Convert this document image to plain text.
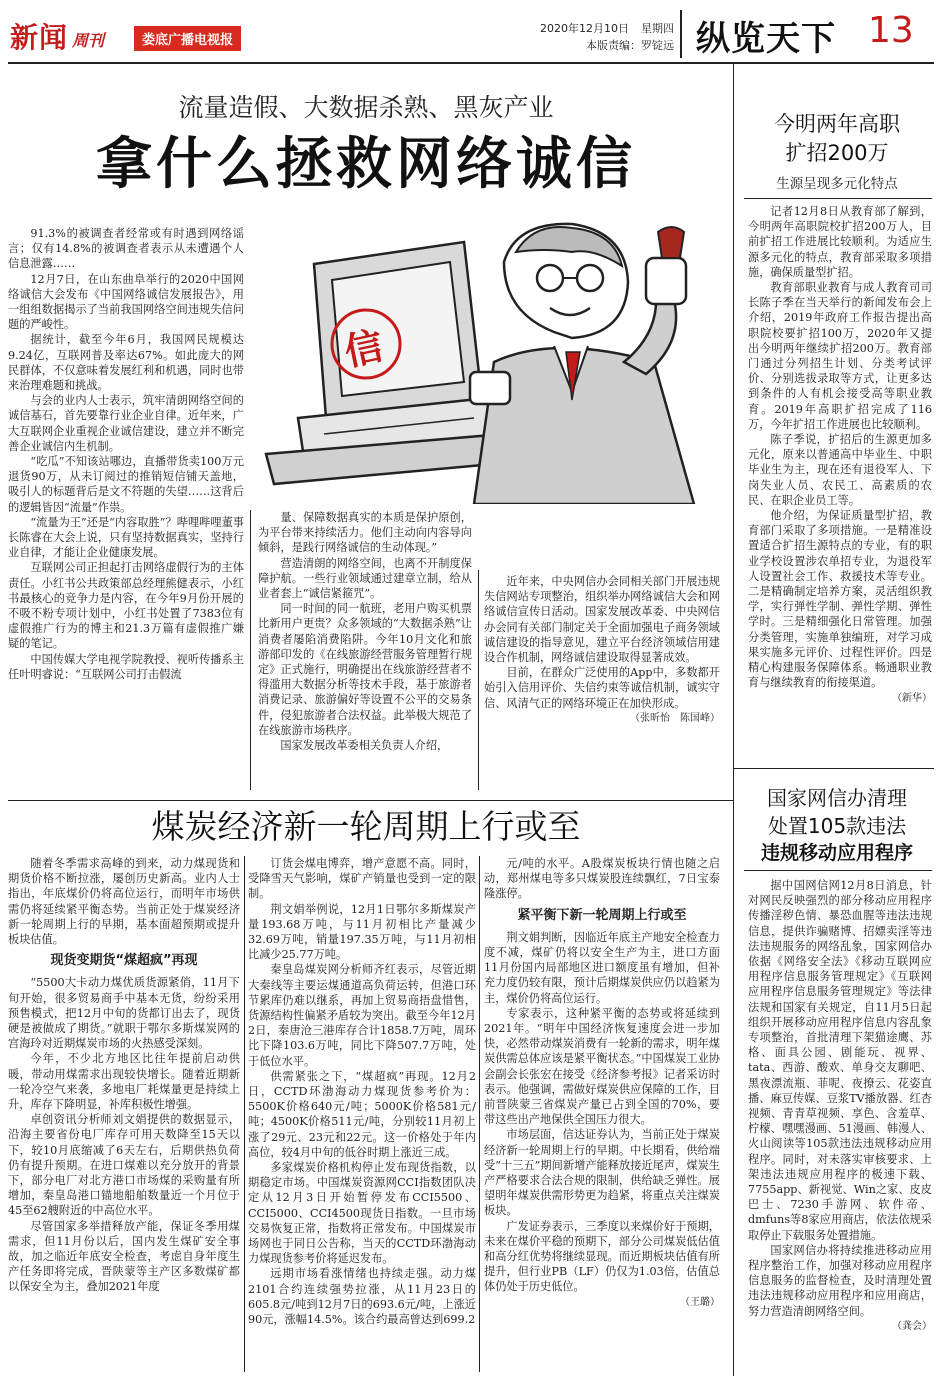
新闻 周刊	娄底广播电视报
2020年12月10日 星期四
本版责编：罗锭远 纵览天下 13
流量造假、大数据杀熟、黑灰产业
拿什么拯救网络诚信
信

91.3%的被调查者经常或有时遇到网络谣言；仅有14.8%的被调查者表示从未遭遇个人信息泄露……

12月7日，在山东曲阜举行的2020中国网络诚信大会发布《中国网络诚信发展报告》，用一组组数据揭示了当前我国网络空间违规失信问题的严峻性。

据统计，截至今年6月，我国网民规模达9.24亿，互联网普及率达67%。如此庞大的网民群体，不仅意味着发展红利和机遇，同时也带来治理难题和挑战。

与会的业内人士表示，筑牢清朗网络空间的诚信基石，首先要靠行业企业自律。近年来，广大互联网企业重视企业诚信建设，建立并不断完善企业诚信内生机制。

“吃瓜”不知该站哪边，直播带货卖100万元退货90万，从未订阅过的推销短信铺天盖地，吸引人的标题背后是文不符题的失望……这背后的逻辑皆因“流量”作祟。

“流量为王”还是“内容取胜”？哔哩哔哩董事长陈睿在大会上说，只有坚持数据真实，坚持行业自律，才能让企业健康发展。

互联网公司正担起打击网络虚假行为的主体责任。小红书公共政策部总经理熊健表示，小红书最核心的竞争力是内容，在今年9月份开展的不吸不粉专项计划中，小红书处置了7383位有虚假推广行为的博主和21.3万篇有虚假推广嫌疑的笔记。

中国传媒大学电视学院教授、视听传播系主任叶明睿说：“互联网公司打击假流

量、保障数据真实的本质是保护原创，为平台带来持续活力。他们主动向内容导向倾斜，是践行网络诚信的生动体现。”

营造清朗的网络空间，也离不开制度保障护航。一些行业领域通过建章立制，给从业者套上“诚信紧箍咒”。

同一时间的同一航班，老用户购买机票比新用户更贵？众多领域的“大数据杀熟”让消费者屡陷消费陷阱。今年10月文化和旅游部印发的《在线旅游经营服务管理暂行规定》正式施行，明确提出在线旅游经营者不得滥用大数据分析等技术手段，基于旅游者消费记录、旅游偏好等设置不公平的交易条件，侵犯旅游者合法权益。此举极大规范了在线旅游市场秩序。

国家发展改革委相关负责人介绍，

近年来，中央网信办会同相关部门开展违规失信网站专项整治，组织举办网络诚信大会和网络诚信宣传日活动。国家发展改革委、中央网信办会同有关部门制定关于全面加强电子商务领域诚信建设的指导意见，建立平台经济领域信用建设合作机制，网络诚信建设取得显著成效。

目前，在群众广泛使用的App中，多数都开始引入信用评价、失信约束等诚信机制，诚实守信、风清气正的网络环境正在加快形成。

（张昕怡　陈国峰）
今明两年高职
扩招200万
生源呈现多元化特点

记者12月8日从教育部了解到，今明两年高职院校扩招200万人，目前扩招工作进展比较顺利。为适应生源多元化的特点，教育部采取多项措施，确保质量型扩招。

教育部职业教育与成人教育司司长陈子季在当天举行的新闻发布会上介绍，2019年政府工作报告提出高职院校要扩招100万，2020年又提出今明两年继续扩招200万。教育部门通过分列招生计划、分类考试评价、分别选拔录取等方式，让更多达到条件的人有机会接受高等职业教育。2019年高职扩招完成了116万，今年扩招工作进展也比较顺利。

陈子季说，扩招后的生源更加多元化，原来以普通高中毕业生、中职毕业生为主，现在还有退役军人、下岗失业人员、农民工、高素质的农民、在职企业员工等。

他介绍，为保证质量型扩招，教育部门采取了多项措施。一是精准设置适合扩招生源特点的专业，有的职业学校设置涉农单招专业，为退役军人设置社会工作、救援技术等专业。二是精确制定培养方案，灵活组织教学，实行弹性学制、弹性学期、弹性学时。三是精细强化日常管理。加强分类管理，实施单独编班，对学习成果实施多元评价、过程性评价。四是精心构建服务保障体系。畅通职业教育与继续教育的衔接渠道。

（新华）
煤炭经济新一轮周期上行或至

随着冬季需求高峰的到来，动力煤现货和期货价格不断拉涨，屡创历史新高。业内人士指出，年底煤价仍将高位运行，而明年市场供需仍将延续紧平衡态势。当前正处于煤炭经济新一轮周期上行的早期，基本面超预期或提升板块估值。

现货变期货“煤超疯”再现

“5500大卡动力煤优质货源紧俏，11月下旬开始，很多贸易商手中基本无货，纷纷采用预售模式，把12月中旬的货都订出去了，现货硬是被做成了期货。”就职于鄂尔多斯煤炭网的宫海玲对近期煤炭市场的火热感受深刻。

今年，不少北方地区比往年提前启动供暖，带动用煤需求出现较快增长。随着近期新一轮冷空气来袭，多地电厂耗煤量更是持续上升，库存下降明显，补库积极性增强。

卓创资讯分析师刘文娟提供的数据显示，沿海主要省份电厂库存可用天数降至15天以下，较10月底缩减了6天左右，后期供热负荷仍有提升预期。在进口煤难以充分放开的背景下，部分电厂对北方港口市场煤的采购量有所增加，秦皇岛港口锚地船舶数量近一个月位于45至62艘附近的中高位水平。

尽管国家多举措释放产能，保证冬季用煤需求，但11月份以后，国内发生煤矿安全事故，加之临近年底安全检查，考虑自身年度生产任务即将完成，晋陕蒙等主产区多数煤矿都以保安全为主，叠加2021年度

订货会煤电博弈，增产意愿不高。同时，受降雪天气影响，煤矿产销量也受到一定的限制。

荆文娟举例说，12月1日鄂尔多斯煤炭产量193.68万吨，与11月初相比产量减少32.69万吨，销量197.35万吨，与11月初相比减少25.77万吨。

秦皇岛煤炭网分析师齐红表示，尽管近期大秦线等主要运煤通道高负荷运转，但港口环节累库仍难以继系，再加上贸易商捂盘惜售，货源结构性偏紧矛盾较为突出。截至今年12月2日，秦唐沧三港库存合计1858.7万吨，周环比下降103.6万吨，同比下降507.7万吨，处于低位水平。

供需紧张之下，“煤超疯”再现。12月2日，CCTD环渤海动力煤现货参考价为：5500K价格640元/吨；5000K价格581元/吨；4500K价格511元/吨，分别较11月初上涨了29元、23元和22元。这一价格处于年内高位，较4月中旬的低谷时期上涨近三成。

多家煤炭价格机构停止发布现货指数，以期稳定市场。中国煤炭资源网CCI指数团队决定从12月3日开始暂停发布CCI5500、CCI5000、CCI4500现货日指数。一旦市场交易恢复正常，指数将正常发布。中国煤炭市场网也于同日公告称，当天的CCTD环渤海动力煤现货参考价将延迟发布。

远期市场看涨情绪也持续走强。动力煤2101合约连续强势拉涨，从11月23日的605.8元/吨到12月7日的693.6元/吨，上涨近90元，涨幅14.5%。该合约最高曾达到699.2

元/吨的水平。A股煤炭板块行情也随之启动，郑州煤电等多只煤炭股连续飘红，7日宝泰隆涨停。

紧平衡下新一轮周期上行或至

荆文娟判断，因临近年底主产地安全检查力度不减，煤矿仍将以安全生产为主，进口方面11月份国内局部地区进口额度虽有增加，但补充力度仍较有限，预计后期煤炭供应仍以趋紧为主，煤价仍将高位运行。

专家表示，这种紧平衡的态势或将延续到2021年。“明年中国经济恢复速度会进一步加快，必然带动煤炭消费有一轮新的需求，明年煤炭供需总体应该是紧平衡状态。”中国煤炭工业协会副会长张宏在接受《经济参考报》记者采访时表示。他强调，需做好煤炭供应保障的工作，目前晋陕蒙三省煤炭产量已占到全国的70%，要带这些出产地保供全国压力很大。

市场层面，信达证券认为，当前正处于煤炭经济新一轮周期上行的早期。中长期看，供给端受“十三五”期间新增产能释放接近尾声，煤炭生产严格要求合法合规的限制，供给缺乏弹性。展望明年煤炭供需形势更为趋紧，将重点关注煤炭板块。

广发证券表示，三季度以来煤价好于预期，未来在煤价平稳的预期下，部分公司煤炭低估值和高分红优势将继续显现。而近期板块估值有所提升，但行业PB（LF）仍仅为1.03倍，估值总体仍处于历史低位。

（王璐）
国家网信办清理
处置105款违法
违规移动应用程序

据中国网信网12月8日消息，针对网民反映强烈的部分移动应用程序传播淫秽色情、暴恐血腥等违法违规信息，提供诈骗赌博、招嫖卖淫等违法违规服务的网络乱象，国家网信办依据《网络安全法》《移动互联网应用程序信息服务管理规定》《互联网应用程序信息服务管理规定》等法律法规和国家有关规定，自11月5日起组织开展移动应用程序信息内容乱象专项整治，首批清理下架猫途鹰、苏格、面具公园、剧能玩、视界、tata、西游、酸欢、单身交友聊吧、黑夜漂流瓶、菲呢、夜撩云、花姿直播、麻豆传媒、豆浆TV播放器、红杏视频、青青草视频、享色、含羞草、柠檬、嘿嘿漫画、51漫画、韩漫人、火山阅读等105款违法违规移动应用程序。同时，对未落实审核要求、上架违法违规应用程序的极速下载、7755app、新视觉、Win之家、皮皮巴士、7230手游网、软件帝、dmfuns等8家应用商店，依法依规采取停止下载服务处置措施。

国家网信办将持续推进移动应用程序整治工作，加强对移动应用程序信息服务的监督检查，及时清理处置违法违规移动应用程序和应用商店，努力营造清朗网络空间。

（龚会）
